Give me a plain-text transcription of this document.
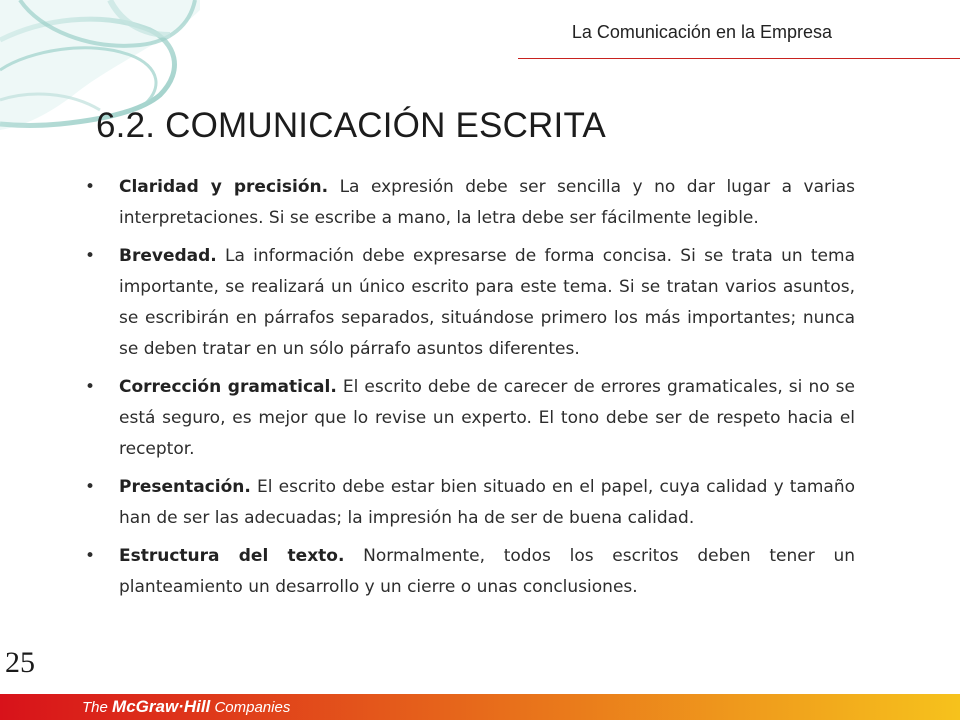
La Comunicación en la Empresa
6.2. COMUNICACIÓN ESCRITA
• Claridad y precisión. La expresión debe ser sencilla y no dar lugar a varias interpretaciones. Si se escribe a mano, la letra debe ser fácilmente legible.
• Brevedad. La información debe expresarse de forma concisa. Si se trata un tema importante, se realizará un único escrito para este tema. Si se tratan varios asuntos, se escribirán en párrafos separados, situándose primero los más importantes; nunca se deben tratar en un sólo párrafo asuntos diferentes.
• Corrección gramatical. El escrito debe de carecer de errores gramaticales, si no se está seguro, es mejor que lo revise un experto. El tono debe ser de respeto hacia el receptor.
• Presentación. El escrito debe estar bien situado en el papel, cuya calidad y tamaño han de ser las adecuadas; la impresión ha de ser de buena calidad.
• Estructura del texto. Normalmente, todos los escritos deben tener un planteamiento un desarrollo y un cierre o unas conclusiones.
25
The McGraw·Hill Companies
